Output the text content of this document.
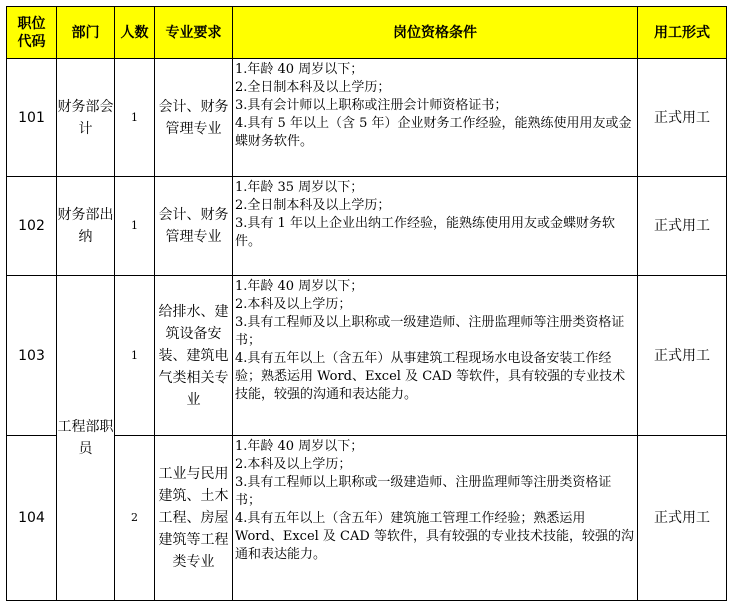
职位代码	部门	人数	专业要求	岗位资格条件	用工形式
101	财务部会计	1	会计、财务管理专业	1.年龄 40 周岁以下；
2.全日制本科及以上学历；
3.具有会计师以上职称或注册会计师资格证书；
4.具有 5 年以上（含 5 年）企业财务工作经验，能熟练使用用友或金蝶财务软件。	正式用工
102	财务部出纳	1	会计、财务管理专业	1.年龄 35 周岁以下；
2.全日制本科及以上学历；
3.具有 1 年以上企业出纳工作经验，能熟练使用用友或金蝶财务软件。	正式用工
103	工程部职员	1	给排水、建筑设备安装、建筑电气类相关专业	1.年龄 40 周岁以下；
2.本科及以上学历；
3.具有工程师及以上职称或一级建造师、注册监理师等注册类资格证书；
4.具有五年以上（含五年）从事建筑工程现场水电设备安装工作经验；熟悉运用 Word、Excel 及 CAD 等软件，具有较强的专业技术技能，较强的沟通和表达能力。	正式用工
104		2	工业与民用建筑、土木工程、房屋建筑等工程类专业	1.年龄 40 周岁以下；
2.本科及以上学历；
3.具有工程师以上职称或一级建造师、注册监理师等注册类资格证书；
4.具有五年以上（含五年）建筑施工管理工作经验；熟悉运用 Word、Excel 及 CAD 等软件，具有较强的专业技术技能，较强的沟通和表达能力。	正式用工
